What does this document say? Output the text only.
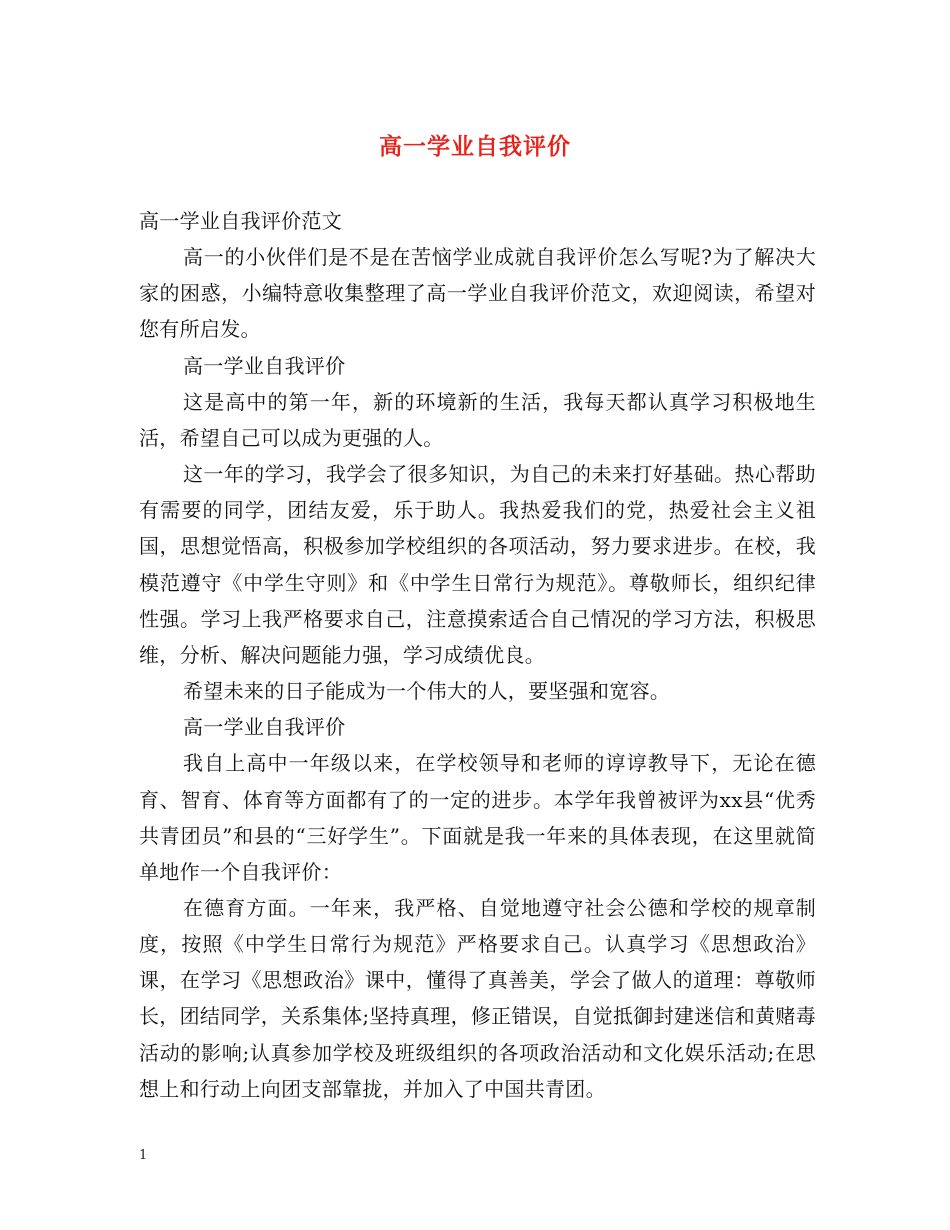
高一学业自我评价

高一学业自我评价范文

高一的小伙伴们是不是在苦恼学业成就自我评价怎么写呢?为了解决大家的困惑，小编特意收集整理了高一学业自我评价范文，欢迎阅读，希望对您有所启发。

高一学业自我评价

这是高中的第一年，新的环境新的生活，我每天都认真学习积极地生活，希望自己可以成为更强的人。

这一年的学习，我学会了很多知识，为自己的未来打好基础。热心帮助有需要的同学，团结友爱，乐于助人。我热爱我们的党，热爱社会主义祖国，思想觉悟高，积极参加学校组织的各项活动，努力要求进步。在校，我模范遵守《中学生守则》和《中学生日常行为规范》。尊敬师长，组织纪律性强。学习上我严格要求自己，注意摸索适合自己情况的学习方法，积极思维，分析、解决问题能力强，学习成绩优良。

希望未来的日子能成为一个伟大的人，要坚强和宽容。

高一学业自我评价

我自上高中一年级以来，在学校领导和老师的谆谆教导下，无论在德育、智育、体育等方面都有了的一定的进步。本学年我曾被评为xx县“优秀共青团员”和县的“三好学生”。下面就是我一年来的具体表现，在这里就简单地作一个自我评价：

在德育方面。一年来，我严格、自觉地遵守社会公德和学校的规章制度，按照《中学生日常行为规范》严格要求自己。认真学习《思想政治》课，在学习《思想政治》课中，懂得了真善美，学会了做人的道理：尊敬师长，团结同学，关系集体;坚持真理，修正错误，自觉抵御封建迷信和黄赌毒活动的影响;认真参加学校及班级组织的各项政治活动和文化娱乐活动;在思想上和行动上向团支部靠拢，并加入了中国共青团。

1
